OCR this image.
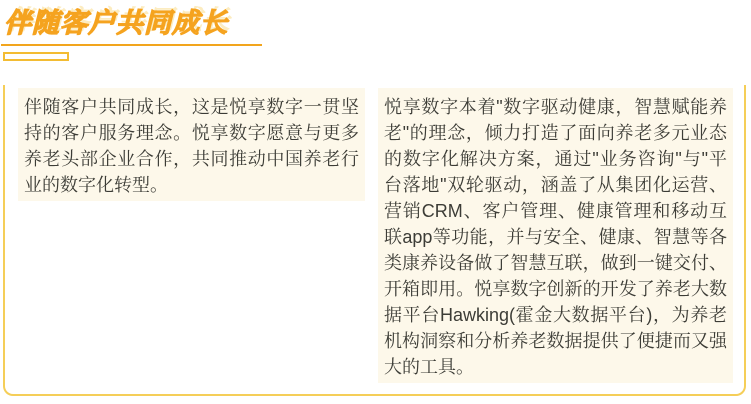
伴随客户共同成长

伴随客户共同成长，这是悦享数字一贯坚持的客户服务理念。悦享数字愿意与更多养老头部企业合作，共同推动中国养老行业的数字化转型。

悦享数字本着"数字驱动健康，智慧赋能养老"的理念，倾力打造了面向养老多元业态的数字化解决方案，通过"业务咨询"与"平台落地"双轮驱动，涵盖了从集团化运营、营销CRM、客户管理、健康管理和移动互联app等功能，并与安全、健康、智慧等各类康养设备做了智慧互联，做到一键交付、开箱即用。悦享数字创新的开发了养老大数据平台Hawking(霍金大数据平台)，为养老机构洞察和分析养老数据提供了便捷而又强大的工具。
